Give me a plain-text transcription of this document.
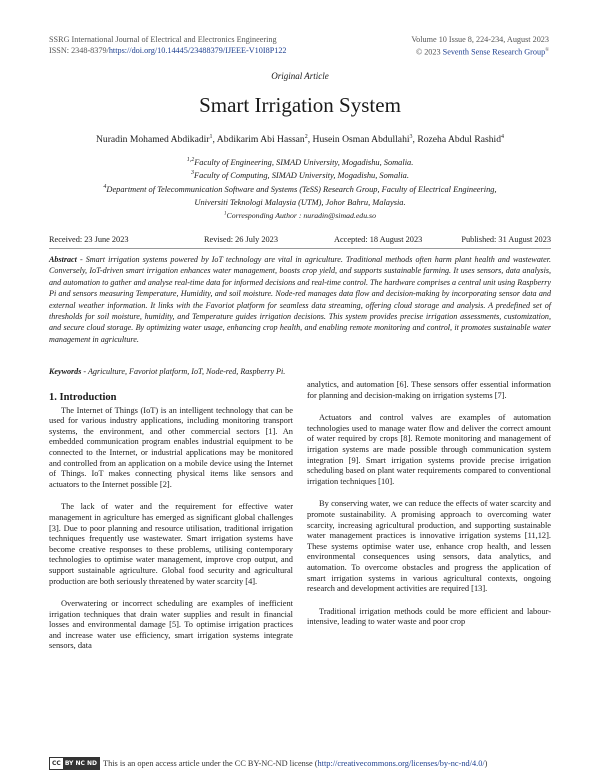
SSRG International Journal of Electrical and Electronics Engineering
ISSN: 2348-8379/https://doi.org/10.14445/23488379/IJEEE-V10I8P122
Volume 10 Issue 8, 224-234, August 2023
© 2023 Seventh Sense Research Group®
Original Article
Smart Irrigation System
Nuradin Mohamed Abdikadir$^1$, Abdikarim Abi Hassan$^2$, Husein Osman Abdullahi$^3$, Rozeha Abdul Rashid$^4$
$^{1,2}$Faculty of Engineering, SIMAD University, Mogadishu, Somalia.
$^3$Faculty of Computing, SIMAD University, Mogadishu, Somalia.
$^4$Department of Telecommunication Software and Systems (TeSS) Research Group, Faculty of Electrical Engineering,
Universiti Teknologi Malaysia (UTM), Johor Bahru, Malaysia.
$^1$Corresponding Author : nuradin@simad.edu.so
Received: 23 June 2023	Revised: 26 July 2023	Accepted: 18 August 2023	Published: 31 August 2023
Abstract - Smart irrigation systems powered by IoT technology are vital in agriculture. Traditional methods often harm plant health and wastewater. Conversely, IoT-driven smart irrigation enhances water management, boosts crop yield, and supports sustainable farming. It uses sensors, data analysis, and automation to gather and analyse real-time data for informed decisions and real-time control. The hardware comprises a central unit using Raspberry Pi and sensors measuring Temperature, Humidity, and soil moisture. Node-red manages data flow and decision-making by incorporating sensor data and external weather information. It links with the Favoriot platform for seamless data streaming, offering cloud storage and analysis. A predefined set of thresholds for soil moisture, humidity, and Temperature guides irrigation decisions. This system provides precise irrigation assessments, customization, and secure cloud storage. By optimizing water usage, enhancing crop health, and enabling remote monitoring and control, it promotes sustainable water management in agriculture.
Keywords - Agriculture, Favoriot platform, IoT, Node-red, Raspberry Pi.
1. Introduction

The Internet of Things (IoT) is an intelligent technology that can be used for various industry applications, including monitoring transport systems, the environment, and other commercial sectors [1]. An embedded communication program enables industrial equipment to be connected to the Internet, or industrial applications may be monitored and controlled from an application on a mobile device using the Internet of Things. IoT makes connecting physical items like sensors and actuators to the Internet possible [2].

The lack of water and the requirement for effective water management in agriculture has emerged as significant global challenges [3]. Due to poor planning and resource utilisation, traditional irrigation techniques frequently use wastewater. Smart irrigation systems have become creative responses to these problems, utilising contemporary technologies to optimise water management, improve crop output, and support sustainable agriculture. Global food security and agricultural production are both seriously threatened by water scarcity [4].

Overwatering or incorrect scheduling are examples of inefficient irrigation techniques that drain water supplies and result in financial losses and environmental damage [5]. To optimise irrigation practices and increase water use efficiency, smart irrigation systems integrate sensors, data

analytics, and automation [6]. These sensors offer essential information for planning and decision-making on irrigation systems [7].

Actuators and control valves are examples of automation technologies used to manage water flow and deliver the correct amount of water required by crops [8]. Remote monitoring and management of irrigation systems are made possible through communication system integration [9]. Smart irrigation systems provide precise irrigation scheduling based on plant water requirements compared to conventional irrigation techniques [10].

By conserving water, we can reduce the effects of water scarcity and promote sustainability. A promising approach to overcoming water scarcity, increasing agricultural production, and supporting sustainable water management practices is innovative irrigation systems [11,12]. These systems optimise water use, enhance crop health, and lessen environmental consequences using sensors, data analytics, and automation. To overcome obstacles and progress the application of smart irrigation systems in various agricultural contexts, ongoing research and development activities are required [13].

Traditional irrigation methods could be more efficient and labour-intensive, leading to water waste and poor crop

CC BY NC ND This is an open access article under the CC BY-NC-ND license ( http://creativecommons.org/licenses/by-nc-nd/4.0/ )
